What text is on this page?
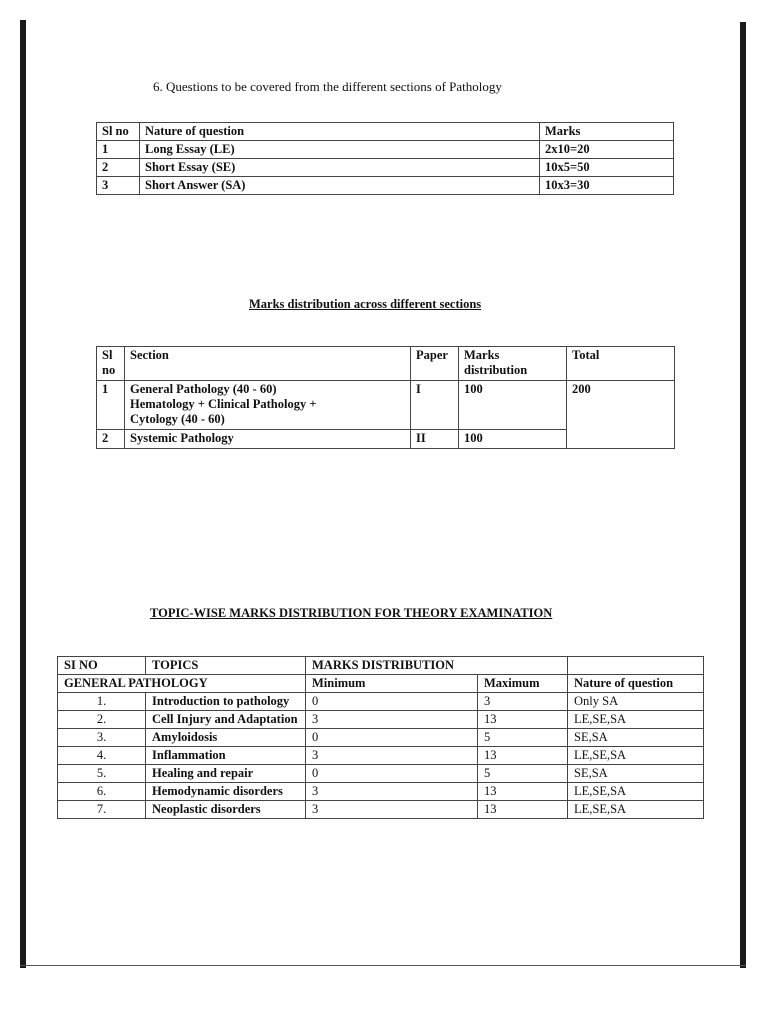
6. Questions to be covered from the different sections of Pathology
Sl no	Nature of question	Marks
1	Long Essay (LE)	2x10=20
2	Short Essay (SE)	10x5=50
3	Short Answer (SA)	10x3=30
Marks distribution across different sections
Sl no	Section	Paper	Marks distribution	Total
1	General Pathology (40 - 60)
Hematology + Clinical Pathology +
Cytology (40 - 60)	I	100	200
2	Systemic Pathology	II	100	
TOPIC-WISE MARKS DISTRIBUTION FOR THEORY EXAMINATION
SI NO	TOPICS	MARKS DISTRIBUTION		
GENERAL PATHOLOGY		Minimum	Maximum	Nature of question
1.	Introduction to pathology	0	3	Only SA
2.	Cell Injury and Adaptation	3	13	LE,SE,SA
3.	Amyloidosis	0	5	SE,SA
4.	Inflammation	3	13	LE,SE,SA
5.	Healing and repair	0	5	SE,SA
6.	Hemodynamic disorders	3	13	LE,SE,SA
7.	Neoplastic disorders	3	13	LE,SE,SA
